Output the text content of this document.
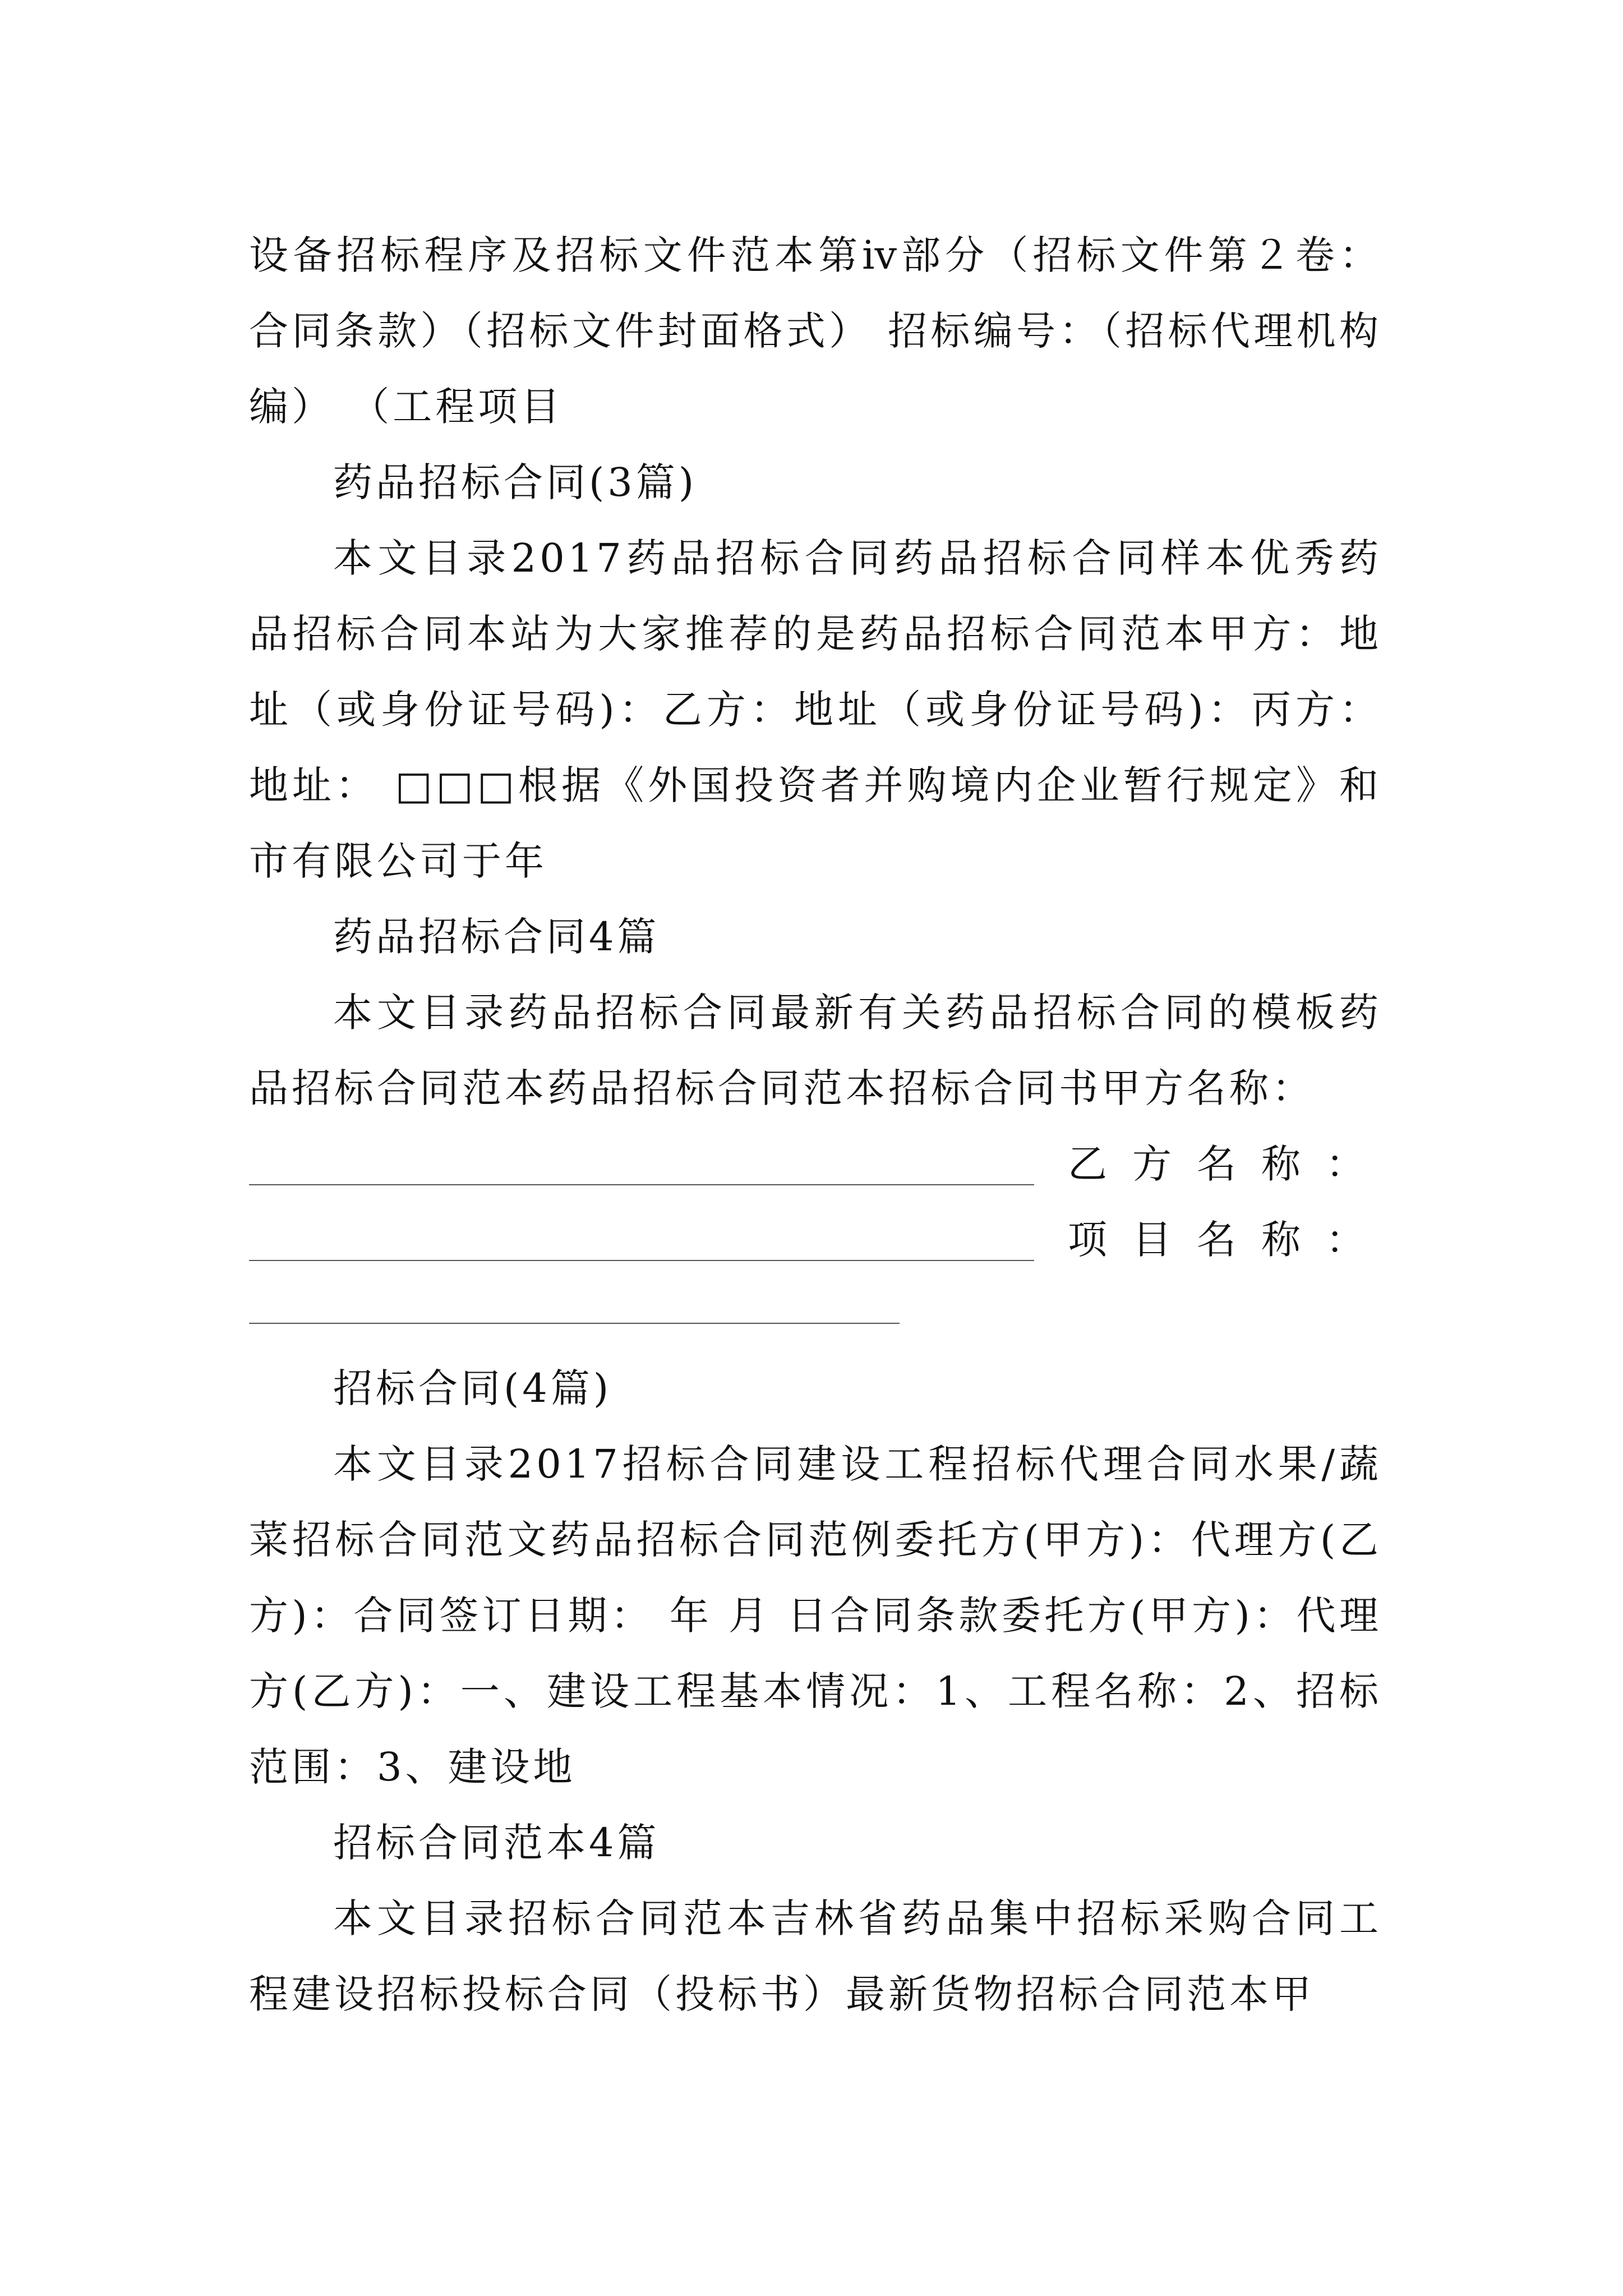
设备招标程序及招标文件范本第ⅳ部分（招标文件第２卷：合同条款）（招标文件封面格式） 招标编号：（招标代理机构编） （工程项目

药品招标合同(3篇)

本文目录2017药品招标合同药品招标合同样本优秀药品招标合同本站为大家推荐的是药品招标合同范本甲方：地址（或身份证号码)：乙方：地址（或身份证号码)：丙方：地址： □□□根据《外国投资者并购境内企业暂行规定》和市有限公司于年

药品招标合同4篇

本文目录药品招标合同最新有关药品招标合同的模板药品招标合同范本药品招标合同范本招标合同书甲方名称：

乙 方 名 称 ：
项 目 名 称 ：

招标合同(4篇)

本文目录2017招标合同建设工程招标代理合同水果/蔬菜招标合同范文药品招标合同范例委托方(甲方)：代理方(乙方)：合同签订日期： 年 月 日合同条款委托方(甲方)：代理方(乙方)：一、建设工程基本情况：1、工程名称：2、招标范围：3、建设地

招标合同范本4篇

本文目录招标合同范本吉林省药品集中招标采购合同工程建设招标投标合同（投标书）最新货物招标合同范本甲
